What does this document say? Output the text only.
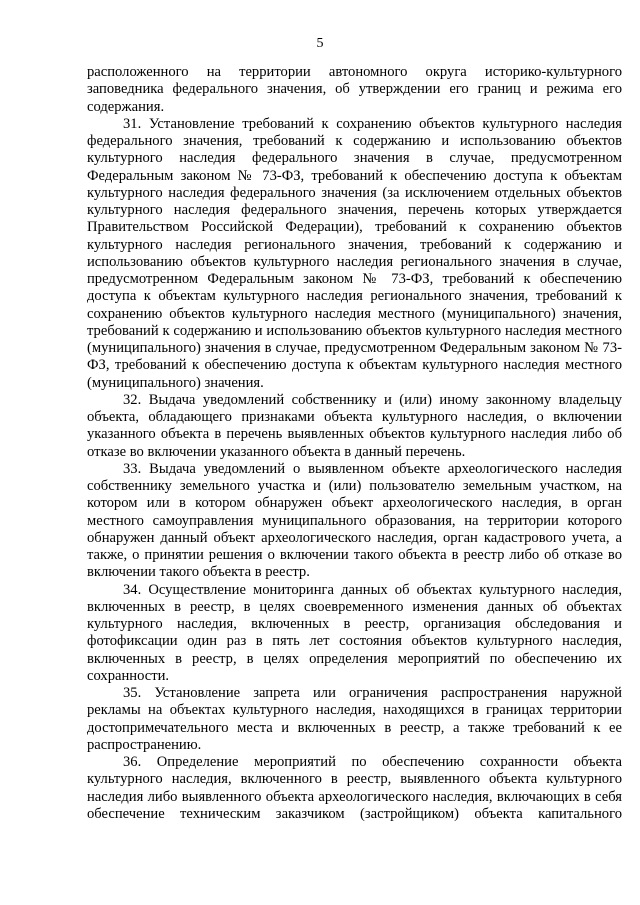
5

расположенного на территории автономного округа историко-культурного заповедника федерального значения, об утверждении его границ и режима его содержания.

31. Установление требований к сохранению объектов культурного наследия федерального значения, требований к содержанию и использованию объектов культурного наследия федерального значения в случае, предусмотренном Федеральным законом № 73-ФЗ, требований к обеспечению доступа к объектам культурного наследия федерального значения (за исключением отдельных объектов культурного наследия федерального значения, перечень которых утверждается Правительством Российской Федерации), требований к сохранению объектов культурного наследия регионального значения, требований к содержанию и использованию объектов культурного наследия регионального значения в случае, предусмотренном Федеральным законом № 73-ФЗ, требований к обеспечению доступа к объектам культурного наследия регионального значения, требований к сохранению объектов культурного наследия местного (муниципального) значения, требований к содержанию и использованию объектов культурного наследия местного (муниципального) значения в случае, предусмотренном Федеральным законом № 73-ФЗ, требований к обеспечению доступа к объектам культурного наследия местного (муниципального) значения.

32. Выдача уведомлений собственнику и (или) иному законному владельцу объекта, обладающего признаками объекта культурного наследия, о включении указанного объекта в перечень выявленных объектов культурного наследия либо об отказе во включении указанного объекта в данный перечень.

33. Выдача уведомлений о выявленном объекте археологического наследия собственнику земельного участка и (или) пользователю земельным участком, на котором или в котором обнаружен объект археологического наследия, в орган местного самоуправления муниципального образования, на территории которого обнаружен данный объект археологического наследия, орган кадастрового учета, а также, о принятии решения о включении такого объекта в реестр либо об отказе во включении такого объекта в реестр.

34. Осуществление мониторинга данных об объектах культурного наследия, включенных в реестр, в целях своевременного изменения данных об объектах культурного наследия, включенных в реестр, организация обследования и фотофиксации один раз в пять лет состояния объектов культурного наследия, включенных в реестр, в целях определения мероприятий по обеспечению их сохранности.

35. Установление запрета или ограничения распространения наружной рекламы на объектах культурного наследия, находящихся в границах территории достопримечательного места и включенных в реестр, а также требований к ее распространению.

36. Определение мероприятий по обеспечению сохранности объекта культурного наследия, включенного в реестр, выявленного объекта культурного наследия либо выявленного объекта археологического наследия, включающих в себя обеспечение техническим заказчиком (застройщиком) объекта капитального
